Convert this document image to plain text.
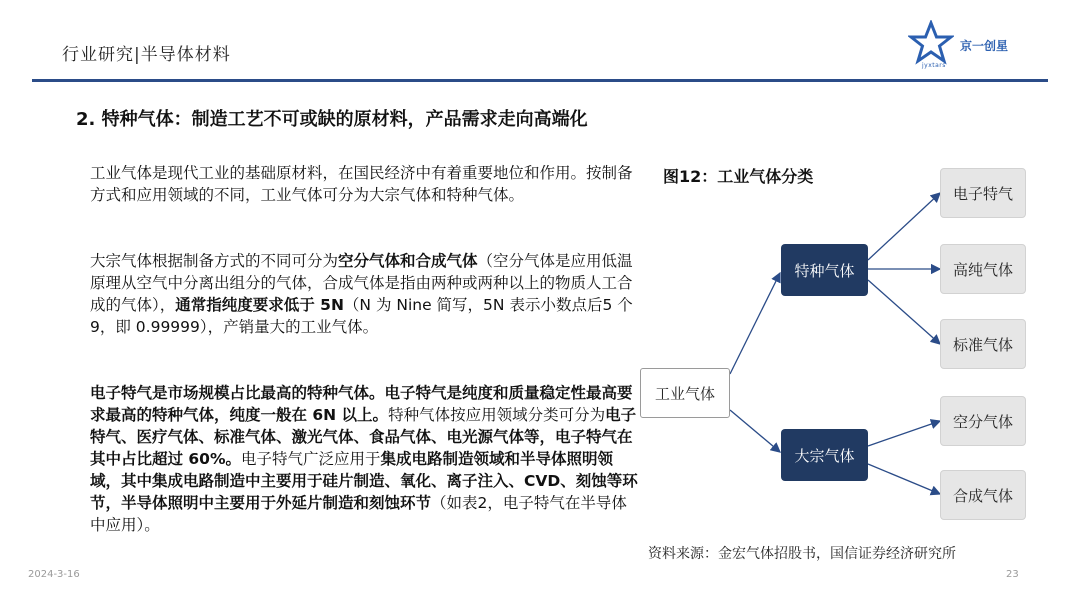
行业研究|半导体材料	京一创星
jyxtars
2. 特种气体：制造工艺不可或缺的原材料，产品需求走向高端化
工业气体是现代工业的基础原材料，在国民经济中有着重要地位和作用。按制备方式和应用领域的不同，工业气体可分为大宗气体和特种气体。
大宗气体根据制备方式的不同可分为空分气体和合成气体（空分气体是应用低温原理从空气中分离出组分的气体，合成气体是指由两种或两种以上的物质人工合成的气体），通常指纯度要求低于 5N（N 为 Nine 简写，5N 表示小数点后5 个 9，即 0.99999），产销量大的工业气体。
电子特气是市场规模占比最高的特种气体。电子特气是纯度和质量稳定性最高要求最高的特种气体，纯度一般在 6N 以上。特种气体按应用领域分类可分为电子特气、医疗气体、标准气体、激光气体、食品气体、电光源气体等，电子特气在其中占比超过 60%。电子特气广泛应用于集成电路制造领域和半导体照明领域，其中集成电路制造中主要用于硅片制造、氧化、离子注入、CVD、刻蚀等环节，半导体照明中主要用于外延片制造和刻蚀环节（如表2，电子特气在半导体中应用）。
图12：工业气体分类
工业气体
特种气体
大宗气体
电子特气
高纯气体
标准气体
空分气体
合成气体
资料来源：金宏气体招股书，国信证券经济研究所
2024-3-16	23
